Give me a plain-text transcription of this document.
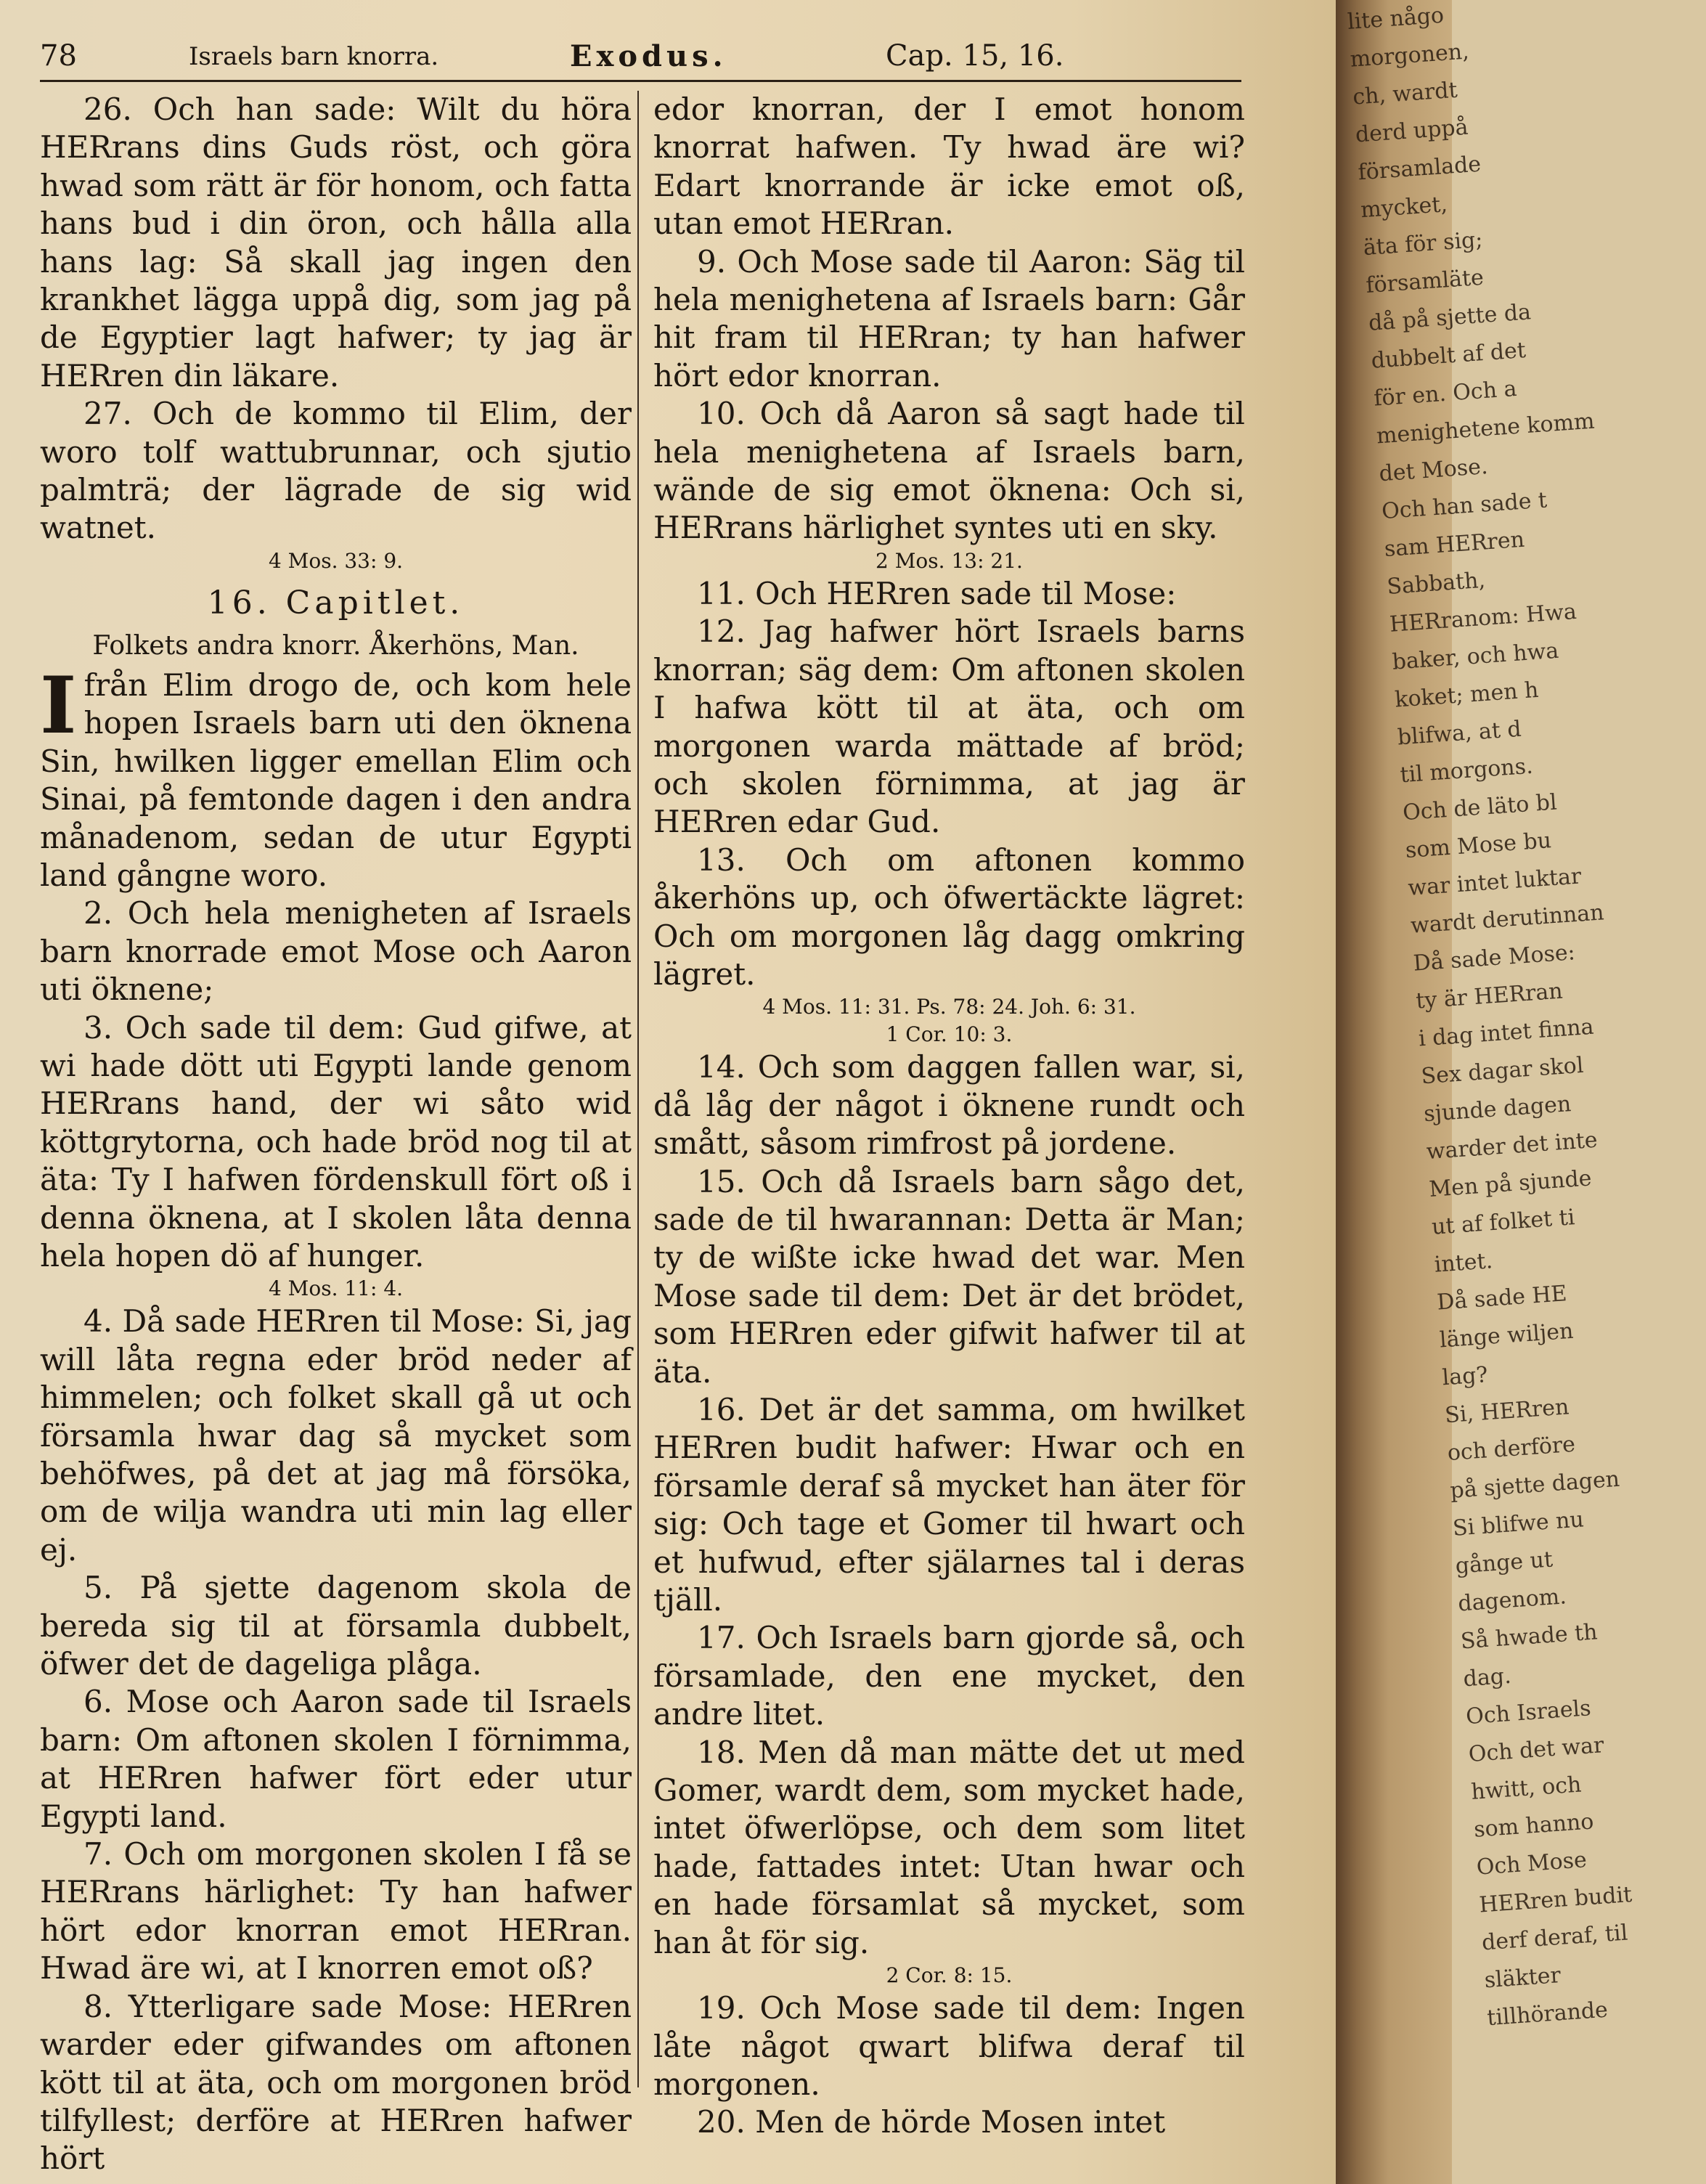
78	Israels barn knorra.	Exodus.	Cap. 15, 16.

26. Och han sade: Wilt du höra HERrans dins Guds röst, och göra hwad som rätt är för honom, och fatta hans bud i din öron, och hålla alla hans lag: Så skall jag ingen den krankhet lägga uppå dig, som jag på de Egyptier lagt hafwer; ty jag är HERren din läkare.

27. Och de kommo til Elim, der woro tolf wattubrunnar, och sjutio palmträ; der lägrade de sig wid watnet.

4 Mos. 33: 9.

16. Capitlet.

Folkets andra knorr. Åkerhöns, Man.

Ifrån Elim drogo de, och kom hele hopen Israels barn uti den öknena Sin, hwilken ligger emellan Elim och Sinai, på femtonde dagen i den andra månadenom, sedan de utur Egypti land gångne woro.

2. Och hela menigheten af Israels barn knorrade emot Mose och Aaron uti öknene;

3. Och sade til dem: Gud gifwe, at wi hade dött uti Egypti lande genom HERrans hand, der wi såto wid köttgrytorna, och hade bröd nog til at äta: Ty I hafwen fördenskull fört oß i denna öknena, at I skolen låta denna hela hopen dö af hunger.

4 Mos. 11: 4.

4. Då sade HERren til Mose: Si, jag will låta regna eder bröd neder af himmelen; och folket skall gå ut och församla hwar dag så mycket som behöfwes, på det at jag må försöka, om de wilja wandra uti min lag eller ej.

5. På sjette dagenom skola de bereda sig til at församla dubbelt, öfwer det de dageliga plåga.

6. Mose och Aaron sade til Israels barn: Om aftonen skolen I förnimma, at HERren hafwer fört eder utur Egypti land.

7. Och om morgonen skolen I få se HERrans härlighet: Ty han hafwer hört edor knorran emot HERran. Hwad äre wi, at I knorren emot oß?

8. Ytterligare sade Mose: HERren warder eder gifwandes om aftonen kött til at äta, och om morgonen bröd tilfyllest; derföre at HERren hafwer hört

edor knorran, der I emot honom knorrat hafwen. Ty hwad äre wi? Edart knorrande är icke emot oß, utan emot HERran.

9. Och Mose sade til Aaron: Säg til hela menighetena af Israels barn: Går hit fram til HERran; ty han hafwer hört edor knorran.

10. Och då Aaron så sagt hade til hela menighetena af Israels barn, wände de sig emot öknena: Och si, HERrans härlighet syntes uti en sky.

2 Mos. 13: 21.

11. Och HERren sade til Mose:

12. Jag hafwer hört Israels barns knorran; säg dem: Om aftonen skolen I hafwa kött til at äta, och om morgonen warda mättade af bröd; och skolen förnimma, at jag är HERren edar Gud.

13. Och om aftonen kommo åkerhöns up, och öfwertäckte lägret: Och om morgonen låg dagg omkring lägret.

4 Mos. 11: 31. Ps. 78: 24. Joh. 6: 31.

1 Cor. 10: 3.

14. Och som daggen fallen war, si, då låg der något i öknene rundt och smått, såsom rimfrost på jordene.

15. Och då Israels barn sågo det, sade de til hwarannan: Detta är Man; ty de wißte icke hwad det war. Men Mose sade til dem: Det är det brödet, som HERren eder gifwit hafwer til at äta.

16. Det är det samma, om hwilket HERren budit hafwer: Hwar och en församle deraf så mycket han äter för sig: Och tage et Gomer til hwart och et hufwud, efter själarnes tal i deras tjäll.

17. Och Israels barn gjorde så, och församlade, den ene mycket, den andre litet.

18. Men då man mätte det ut med Gomer, wardt dem, som mycket hade, intet öfwerlöpse, och dem som litet hade, fattades intet: Utan hwar och en hade församlat så mycket, som han åt för sig.

2 Cor. 8: 15.

19. Och Mose sade til dem: Ingen låte något qwart blifwa deraf til morgonen.

20. Men de hörde Mosen intet

lite någo
morgonen,
ch, wardt
derd uppå
församlade
mycket,
äta för sig;
församläte
då på sjette da
dubbelt af det
för en. Och a
menighetene komm
det Mose.
Och han sade t
sam HERren
Sabbath,
HERranom: Hwa
baker, och hwa
koket; men h
blifwa, at d
til morgons.
Och de läto bl
som Mose bu
war intet luktar
wardt derutinnan
Då sade Mose:
ty är HERran
i dag intet finna
Sex dagar skol
sjunde dagen
warder det inte
Men på sjunde
ut af folket ti
intet.
Då sade HE
länge wiljen
lag?
Si, HERren
och derföre
på sjette dagen
Si blifwe nu
gånge ut
dagenom.
Så hwade th
dag.
Och Israels
Och det war
hwitt, och
som hanno
Och Mose
HERren budit
derf deraf, til
släkter
tillhörande
